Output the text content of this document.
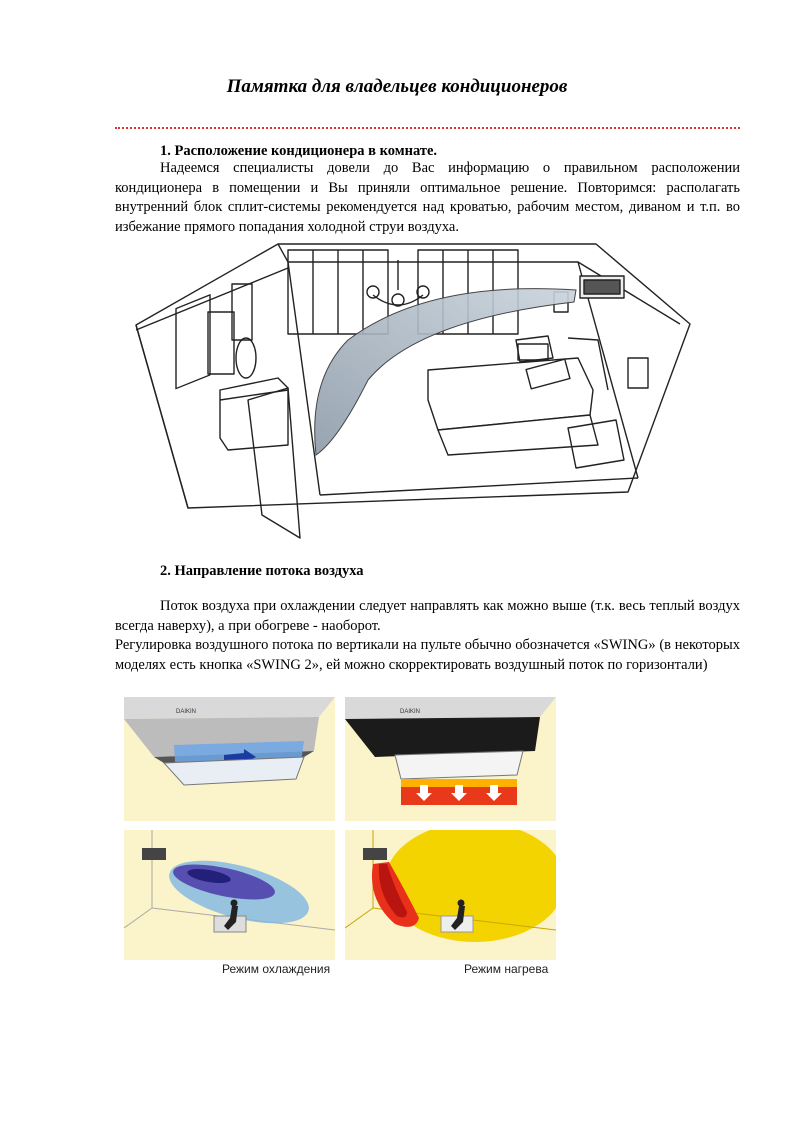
Памятка для владельцев кондиционеров
1. Расположение кондиционера в комнате.

Надеемся специалисты довели до Вас информацию о правильном расположении кондиционера в помещении и Вы приняли оптимальное решение. Повторимся: располагать внутренний блок сплит-системы рекомендуется над кроватью, рабочим местом, диваном и т.п. во избежание прямого попадания холодной струи воздуха.

2. Направление потока воздуха

Поток воздуха при охлаждении следует направлять как можно выше (т.к. весь теплый воздух всегда наверху), а при обогреве - наоборот.

Регулировка воздушного потока по вертикали на пульте обычно обозначется «SWING» (в некоторых моделях есть кнопка «SWING 2», ей можно скорректировать воздушный поток по горизонтали)

DAIKIN	DAIKIN
Режим охлаждения	Режим нагрева
